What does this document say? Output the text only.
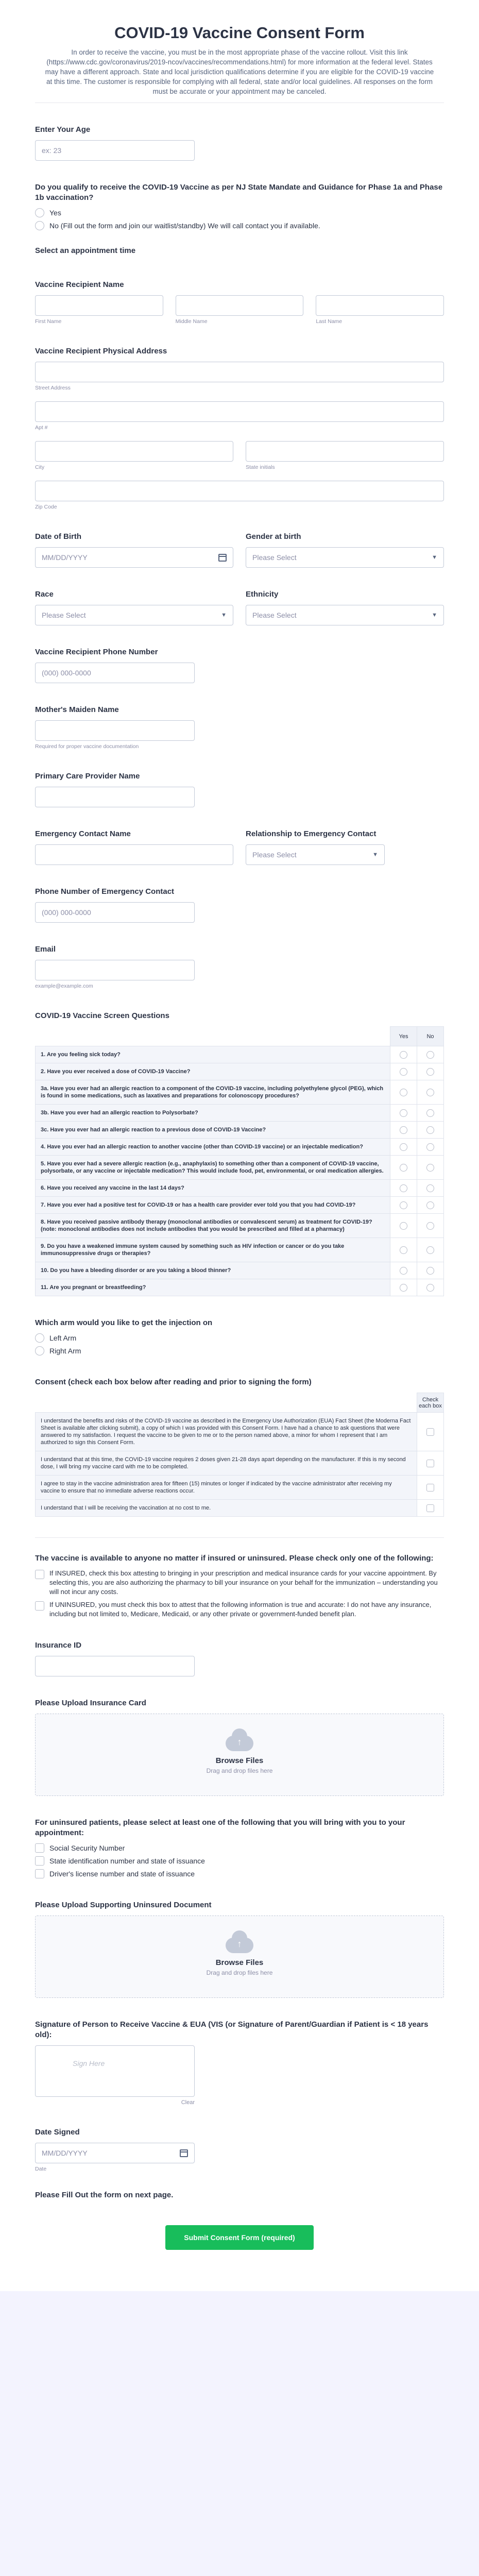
COVID-19 Vaccine Consent Form

In order to receive the vaccine, you must be in the most appropriate phase of the vaccine rollout. Visit this link (https://www.cdc.gov/coronavirus/2019-ncov/vaccines/recommendations.html) for more information at the federal level. States may have a different approach. State and local jurisdiction qualifications determine if you are eligible for the COVID-19 vaccine at this time. The customer is responsible for complying with all federal, state and/or local guidelines. All responses on the form must be accurate or your appointment may be canceled.

Enter Your Age
ex: 23
Do you qualify to receive the COVID-19 Vaccine as per NJ State Mandate and Guidance for Phase 1a and Phase 1b vaccination?
Yes
No (Fill out the form and join our waitlist/standby) We will call contact you if available.
Select an appointment time
Vaccine Recipient Name
First Name	Middle Name	Last Name
Vaccine Recipient Physical Address
Street Address
Apt #
City	State initials
Zip Code
Date of Birth
MM/DD/YYYY
Gender at birth
Please Select	▼
Race
Please Select	▼
Ethnicity
Please Select	▼
Vaccine Recipient Phone Number
(000) 000-0000
Mother's Maiden Name
Required for proper vaccine documentation
Primary Care Provider Name
Emergency Contact Name	Relationship to Emergency Contact
Please Select	▼
Phone Number of Emergency Contact
(000) 000-0000
Email
example@example.com
COVID-19 Vaccine Screen Questions
	Yes	No
1. Are you feeling sick today?		
2. Have you ever received a dose of COVID-19 Vaccine?		
3a. Have you ever had an allergic reaction to a component of the COVID-19 vaccine, including polyethylene glycol (PEG), which is found in some medications, such as laxatives and preparations for colonoscopy procedures?		
3b. Have you ever had an allergic reaction to Polysorbate?		
3c. Have you ever had an allergic reaction to a previous dose of COVID-19 Vaccine?		
4. Have you ever had an allergic reaction to another vaccine (other than COVID-19 vaccine) or an injectable medication?		
5. Have you ever had a severe allergic reaction (e.g., anaphylaxis) to something other than a component of COVID-19 vaccine, polysorbate, or any vaccine or injectable medication? This would include food, pet, environmental, or oral medication allergies.		
6. Have you received any vaccine in the last 14 days?		
7. Have you ever had a positive test for COVID-19 or has a health care provider ever told you that you had COVID-19?		
8. Have you received passive antibody therapy (monoclonal antibodies or convalescent serum) as treatment for COVID-19? (note: monoclonal antibodies does not include antibodies that you would be prescribed and filled at a pharmacy)		
9. Do you have a weakened immune system caused by something such as HIV infection or cancer or do you take immunosuppressive drugs or therapies?		
10. Do you have a bleeding disorder or are you taking a blood thinner?		
11. Are you pregnant or breastfeeding?		
Which arm would you like to get the injection on
Left Arm
Right Arm
Consent (check each box below after reading and prior to signing the form)
	Check each box
I understand the benefits and risks of the COVID-19 vaccine as described in the Emergency Use Authorization (EUA) Fact Sheet (the Moderna Fact Sheet is available after clicking submit), a copy of which I was provided with this Consent Form. I have had a chance to ask questions that were answered to my satisfaction. I request the vaccine to be given to me or to the person named above, a minor for whom I represent that I am authorized to sign this Consent Form.	
I understand that at this time, the COVID-19 vaccine requires 2 doses given 21-28 days apart depending on the manufacturer. If this is my second dose, I will bring my vaccine card with me to be completed.	
I agree to stay in the vaccine administration area for fifteen (15) minutes or longer if indicated by the vaccine administrator after receiving my vaccine to ensure that no immediate adverse reactions occur.	
I understand that I will be receiving the vaccination at no cost to me.	
The vaccine is available to anyone no matter if insured or uninsured. Please check only one of the following:
If INSURED, check this box attesting to bringing in your prescription and medical insurance cards for your vaccine appointment. By selecting this, you are also authorizing the pharmacy to bill your insurance on your behalf for the immunization – understanding you will not incur any costs.
If UNINSURED, you must check this box to attest that the following information is true and accurate: I do not have any insurance, including but not limited to, Medicare, Medicaid, or any other private or government-funded benefit plan.
Insurance ID
Please Upload Insurance Card
↑
Browse Files
Drag and drop files here
For uninsured patients, please select at least one of the following that you will bring with you to your appointment:
Social Security Number
State identification number and state of issuance
Driver's license number and state of issuance
Please Upload Supporting Uninsured Document
↑
Browse Files
Drag and drop files here
Signature of Person to Receive Vaccine & EUA (VIS (or Signature of Parent/Guardian if Patient is < 18 years old):
Sign Here
Clear
Date Signed
MM/DD/YYYY
Date
Please Fill Out the form on next page.
Submit Consent Form (required)
